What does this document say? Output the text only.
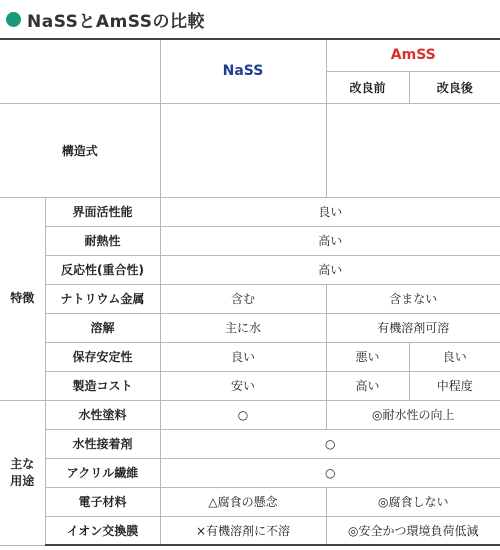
NaSSとAmSSの比較
		NaSS	AmSS	
			改良前	改良後
構造式				
特徴	界面活性能	良い		
	耐熱性	高い		
	反応性(重合性)	高い		
	ナトリウム金属	含む	含まない	
	溶解	主に水	有機溶剤可溶	
	保存安定性	良い	悪い	良い
	製造コスト	安い	高い	中程度
主な
用途	水性塗料	○	◎耐水性の向上	
	水性接着剤	○		
	アクリル繊維	○		
	電子材料	△腐食の懸念	◎腐食しない	
	イオン交換膜	×有機溶剤に不溶	◎安全かつ環境負荷低減	
